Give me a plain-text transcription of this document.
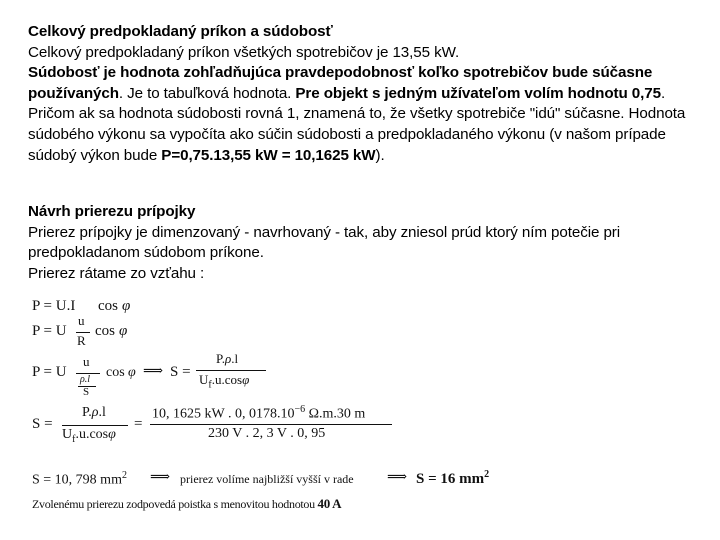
Celkový predpokladaný príkon a súdobosť

Celkový predpokladaný príkon všetkých spotrebičov je 13,55 kW.

Súdobosť je hodnota zohľadňujúca pravdepodobnosť koľko spotrebičov bude súčasne používaných. Je to tabuľková hodnota. Pre objekt s jedným užívateľom volím hodnotu 0,75. Pričom ak sa hodnota súdobosti rovná 1, znamená to, že všetky spotrebiče "idú" súčasne. Hodnota súdobého výkonu sa vypočíta ako súčin súdobosti a predpokladaného výkonu (v našom prípade súdobý výkon bude P=0,75.13,55 kW = 10,1625 kW).

Návrh prierezu prípojky

Prierez prípojky je dimenzovaný - navrhovaný - tak, aby zniesol prúd ktorý ním potečie pri predpokladanom súdobom príkone.

Prierez rátame zo vzťahu :

P = U.I cos φ
P = U
u
R
cos φ
P = U
u
ρ.l
S
cos φ ⟹ S =
P.ρ.l
$U_f.u.\cos\varphi$
S =
P.ρ.l
$U_f.u.\cos\varphi$
=
10, 1625 kW . 0, $0178.10^{-6}$ Ω.m.30 m
230 V . 2, 3 V . 0, 95
S = 10, 798 $mm^2$ ⟹ prierez volíme najbližší vyšší v rade ⟹ S = 16 $mm^2$
Zvolenému prierezu zodpovedá poistka s menovitou hodnotou 40 A
